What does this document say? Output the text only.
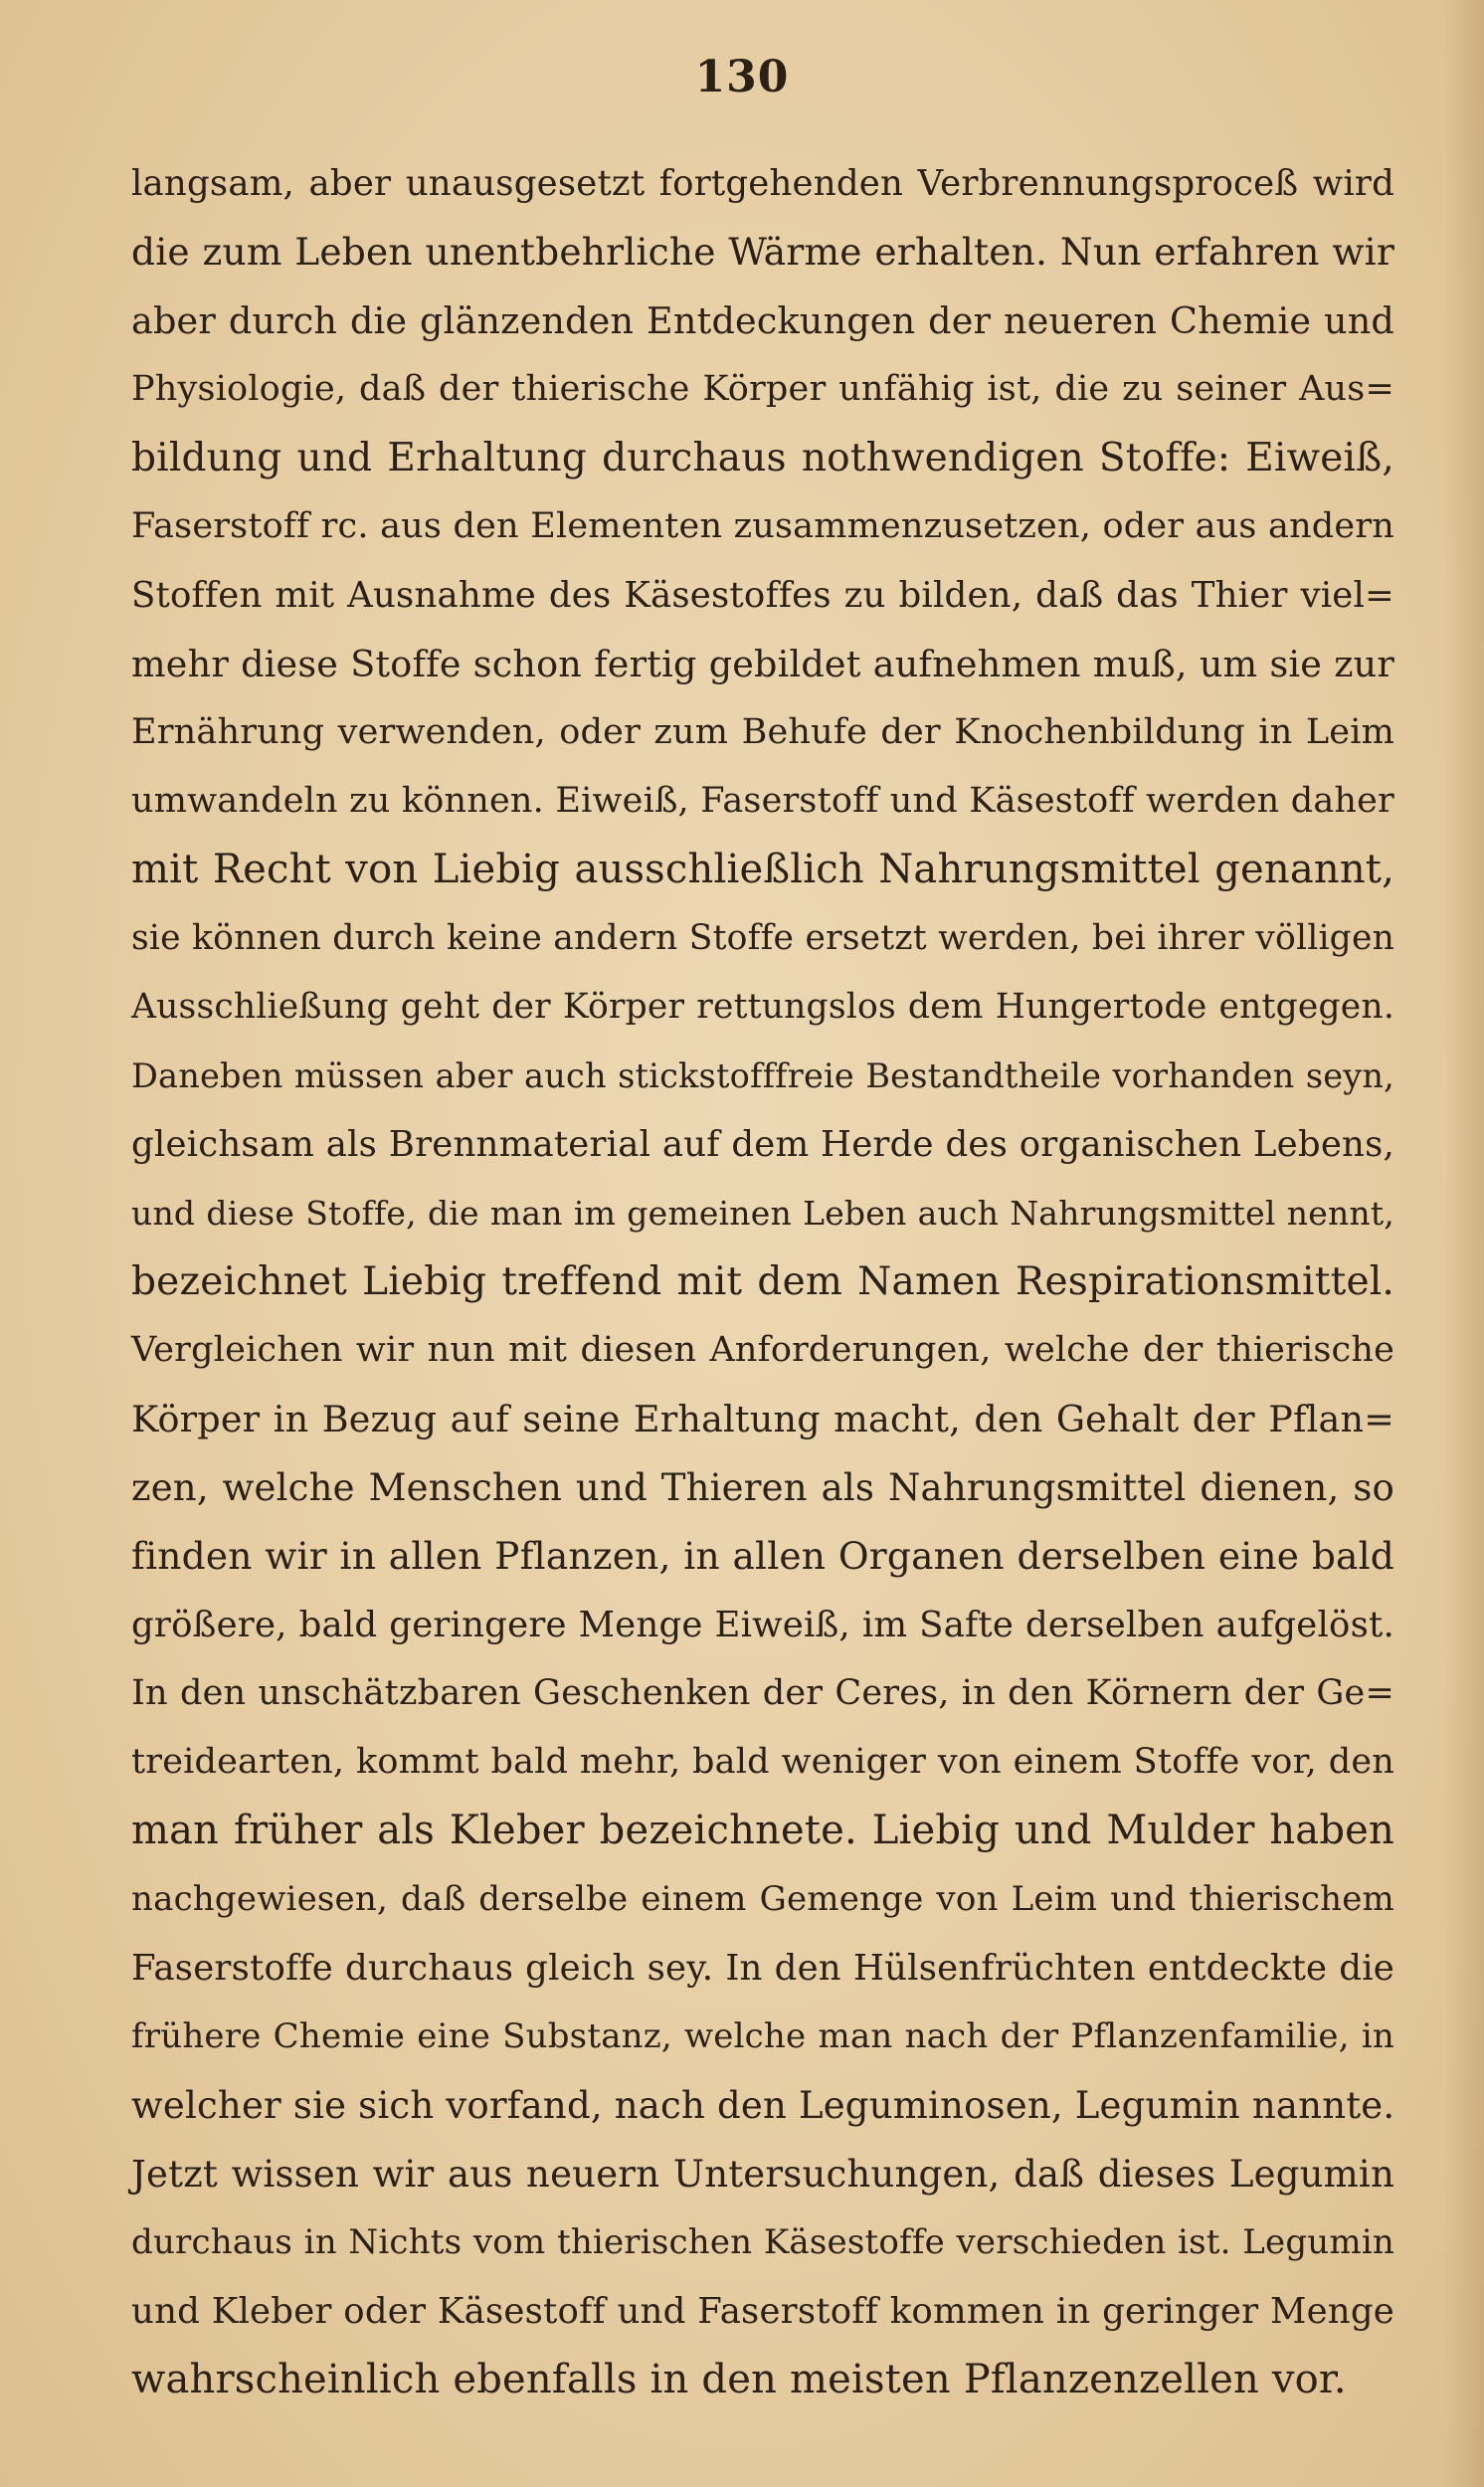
130
langsam, aber unausgesetzt fortgehenden Verbrennungsproceß wird
die zum Leben unentbehrliche Wärme erhalten. Nun erfahren wir
aber durch die glänzenden Entdeckungen der neueren Chemie und
Physiologie, daß der thierische Körper unfähig ist, die zu seiner Aus=
bildung und Erhaltung durchaus nothwendigen Stoffe: Eiweiß,
Faserstoff rc. aus den Elementen zusammenzusetzen, oder aus andern
Stoffen mit Ausnahme des Käsestoffes zu bilden, daß das Thier viel=
mehr diese Stoffe schon fertig gebildet aufnehmen muß, um sie zur
Ernährung verwenden, oder zum Behufe der Knochenbildung in Leim
umwandeln zu können. Eiweiß, Faserstoff und Käsestoff werden daher
mit Recht von Liebig ausschließlich Nahrungsmittel genannt,
sie können durch keine andern Stoffe ersetzt werden, bei ihrer völligen
Ausschließung geht der Körper rettungslos dem Hungertode entgegen.
Daneben müssen aber auch stickstofffreie Bestandtheile vorhanden seyn,
gleichsam als Brennmaterial auf dem Herde des organischen Lebens,
und diese Stoffe, die man im gemeinen Leben auch Nahrungsmittel nennt,
bezeichnet Liebig treffend mit dem Namen Respirationsmittel.
Vergleichen wir nun mit diesen Anforderungen, welche der thierische
Körper in Bezug auf seine Erhaltung macht, den Gehalt der Pflan=
zen, welche Menschen und Thieren als Nahrungsmittel dienen, so
finden wir in allen Pflanzen, in allen Organen derselben eine bald
größere, bald geringere Menge Eiweiß, im Safte derselben aufgelöst.
In den unschätzbaren Geschenken der Ceres, in den Körnern der Ge=
treidearten, kommt bald mehr, bald weniger von einem Stoffe vor, den
man früher als Kleber bezeichnete. Liebig und Mulder haben
nachgewiesen, daß derselbe einem Gemenge von Leim und thierischem
Faserstoffe durchaus gleich sey. In den Hülsenfrüchten entdeckte die
frühere Chemie eine Substanz, welche man nach der Pflanzenfamilie, in
welcher sie sich vorfand, nach den Leguminosen, Legumin nannte.
Jetzt wissen wir aus neuern Untersuchungen, daß dieses Legumin
durchaus in Nichts vom thierischen Käsestoffe verschieden ist. Legumin
und Kleber oder Käsestoff und Faserstoff kommen in geringer Menge
wahrscheinlich ebenfalls in den meisten Pflanzenzellen vor.
